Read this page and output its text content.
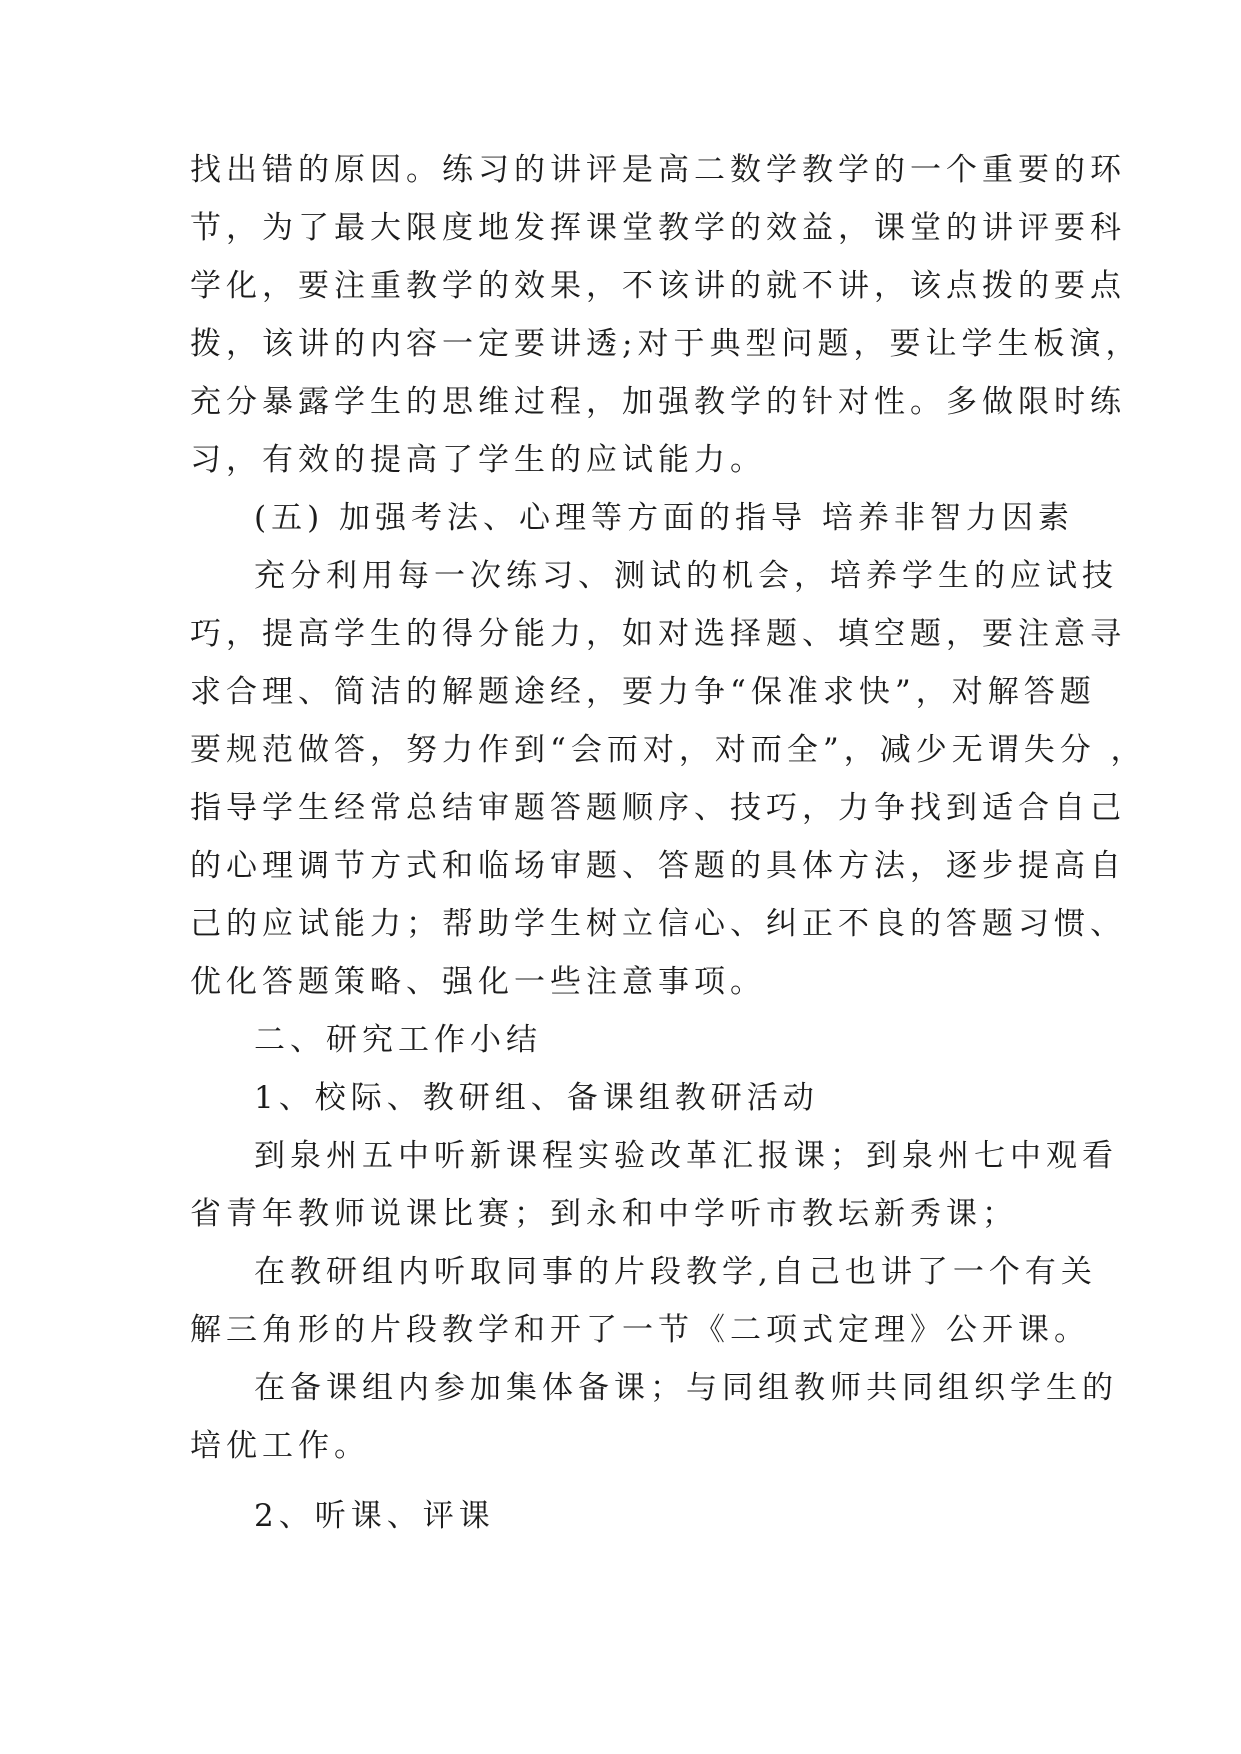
找出错的原因。练习的讲评是高二数学教学的一个重要的环
节，为了最大限度地发挥课堂教学的效益，课堂的讲评要科
学化，要注重教学的效果，不该讲的就不讲，该点拨的要点
拨，该讲的内容一定要讲透;对于典型问题，要让学生板演，
充分暴露学生的思维过程，加强教学的针对性。多做限时练
习，有效的提高了学生的应试能力。
(五) 加强考法、心理等方面的指导 培养非智力因素
充分利用每一次练习、测试的机会，培养学生的应试技
巧，提高学生的得分能力，如对选择题、填空题，要注意寻
求合理、简洁的解题途经，要力争“保准求快”，对解答题
要规范做答，努力作到“会而对，对而全”，减少无谓失分 ，
指导学生经常总结审题答题顺序、技巧，力争找到适合自己
的心理调节方式和临场审题、答题的具体方法，逐步提高自
己的应试能力；帮助学生树立信心、纠正不良的答题习惯、
优化答题策略、强化一些注意事项。
二、研究工作小结
1、校际、教研组、备课组教研活动
到泉州五中听新课程实验改革汇报课；到泉州七中观看
省青年教师说课比赛；到永和中学听市教坛新秀课；
在教研组内听取同事的片段教学,自己也讲了一个有关
解三角形的片段教学和开了一节《二项式定理》公开课。
在备课组内参加集体备课；与同组教师共同组织学生的
培优工作。
2、听课、评课
